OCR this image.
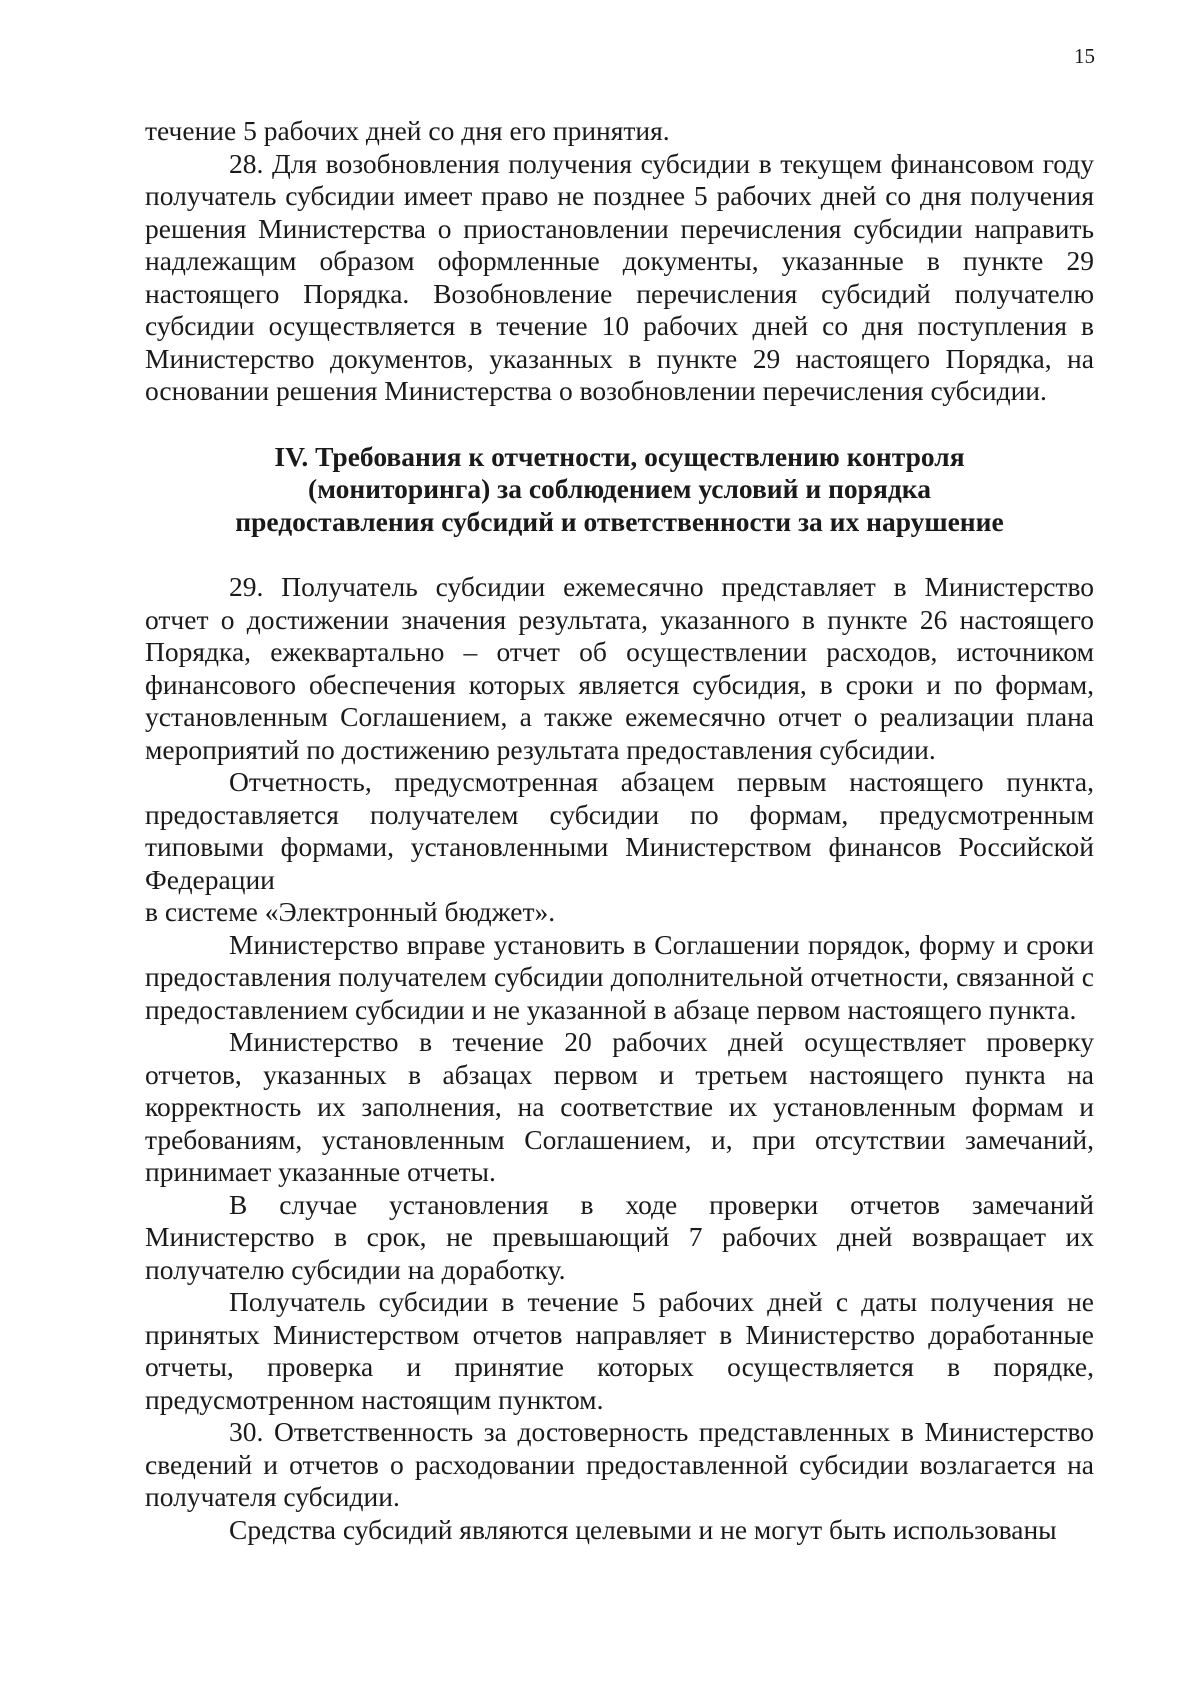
15

течение 5 рабочих дней со дня его принятия.

28. Для возобновления получения субсидии в текущем финансовом году получатель субсидии имеет право не позднее 5 рабочих дней со дня получения решения Министерства о приостановлении перечисления субсидии направить надлежащим образом оформленные документы, указанные в пункте 29 настоящего Порядка. Возобновление перечисления субсидий получателю субсидии осуществляется в течение 10 рабочих дней со дня поступления в Министерство документов, указанных в пункте 29 настоящего Порядка, на основании решения Министерства о возобновлении перечисления субсидии.

IV. Требования к отчетности, осуществлению контроля
(мониторинга) за соблюдением условий и порядка
предоставления субсидий и ответственности за их нарушение

29. Получатель субсидии ежемесячно представляет в Министерство отчет о достижении значения результата, указанного в пункте 26 настоящего Порядка, ежеквартально – отчет об осуществлении расходов, источником финансового обеспечения которых является субсидия, в сроки и по формам, установленным Соглашением, а также ежемесячно отчет о реализации плана мероприятий по достижению результата предоставления субсидии.

Отчетность, предусмотренная абзацем первым настоящего пункта, предоставляется получателем субсидии по формам, предусмотренным типовыми формами, установленными Министерством финансов Российской Федерации

в системе «Электронный бюджет».

Министерство вправе установить в Соглашении порядок, форму и сроки предоставления получателем субсидии дополнительной отчетности, связанной с предоставлением субсидии и не указанной в абзаце первом настоящего пункта.

Министерство в течение 20 рабочих дней осуществляет проверку отчетов, указанных в абзацах первом и третьем настоящего пункта на корректность их заполнения, на соответствие их установленным формам и требованиям, установленным Соглашением, и, при отсутствии замечаний, принимает указанные отчеты.

В случае установления в ходе проверки отчетов замечаний Министерство в срок, не превышающий 7 рабочих дней возвращает их получателю субсидии на доработку.

Получатель субсидии в течение 5 рабочих дней с даты получения не принятых Министерством отчетов направляет в Министерство доработанные отчеты, проверка и принятие которых осуществляется в порядке, предусмотренном настоящим пунктом.

30. Ответственность за достоверность представленных в Министерство сведений и отчетов о расходовании предоставленной субсидии возлагается на получателя субсидии.

Средства субсидий являются целевыми и не могут быть использованы
